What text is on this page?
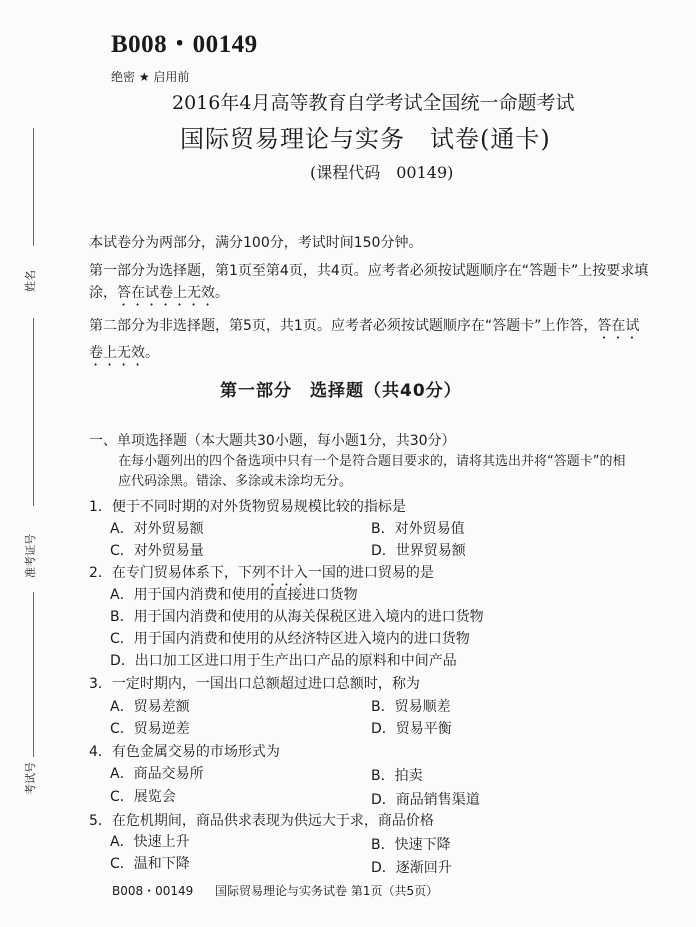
B008・00149
绝密 ★ 启用前
2016年4月高等教育自学考试全国统一命题考试
国际贸易理论与实务　试卷(通卡)
(课程代码　00149)
姓名
准考证号
考试号

本试卷分为两部分，满分100分，考试时间150分钟。

第一部分为选择题，第1页至第4页，共4页。应考者必须按试题顺序在“答题卡”上按要求填涂，答在试卷上无效。

第二部分为非选择题，第5页，共1页。应考者必须按试题顺序在“答题卡”上作答，答在试卷上无效。

第一部分　选择题（共40分）
一、单项选择题（本大题共30小题，每小题1分，共30分）
在每小题列出的四个备选项中只有一个是符合题目要求的，请将其选出并将“答题卡”的相应代码涂黑。错涂、多涂或未涂均无分。
1．便于不同时期的对外货物贸易规模比较的指标是
A．对外贸易额	B．对外贸易值
C．对外贸易量	D．世界贸易额
2．在专门贸易体系下，下列不计入一国的进口贸易的是
A．用于国内消费和使用的直接进口货物
B．用于国内消费和使用的从海关保税区进入境内的进口货物
C．用于国内消费和使用的从经济特区进入境内的进口货物
D．出口加工区进口用于生产出口产品的原料和中间产品
3．一定时期内，一国出口总额超过进口总额时，称为
A．贸易差额	B．贸易顺差
C．贸易逆差	D．贸易平衡
4．有色金属交易的市场形式为
A．商品交易所	B．拍卖
C．展览会	D．商品销售渠道
5．在危机期间，商品供求表现为供远大于求，商品价格
A．快速上升	B．快速下降
C．温和下降	D．逐渐回升
B008・00149 国际贸易理论与实务试卷 第1页（共5页）
